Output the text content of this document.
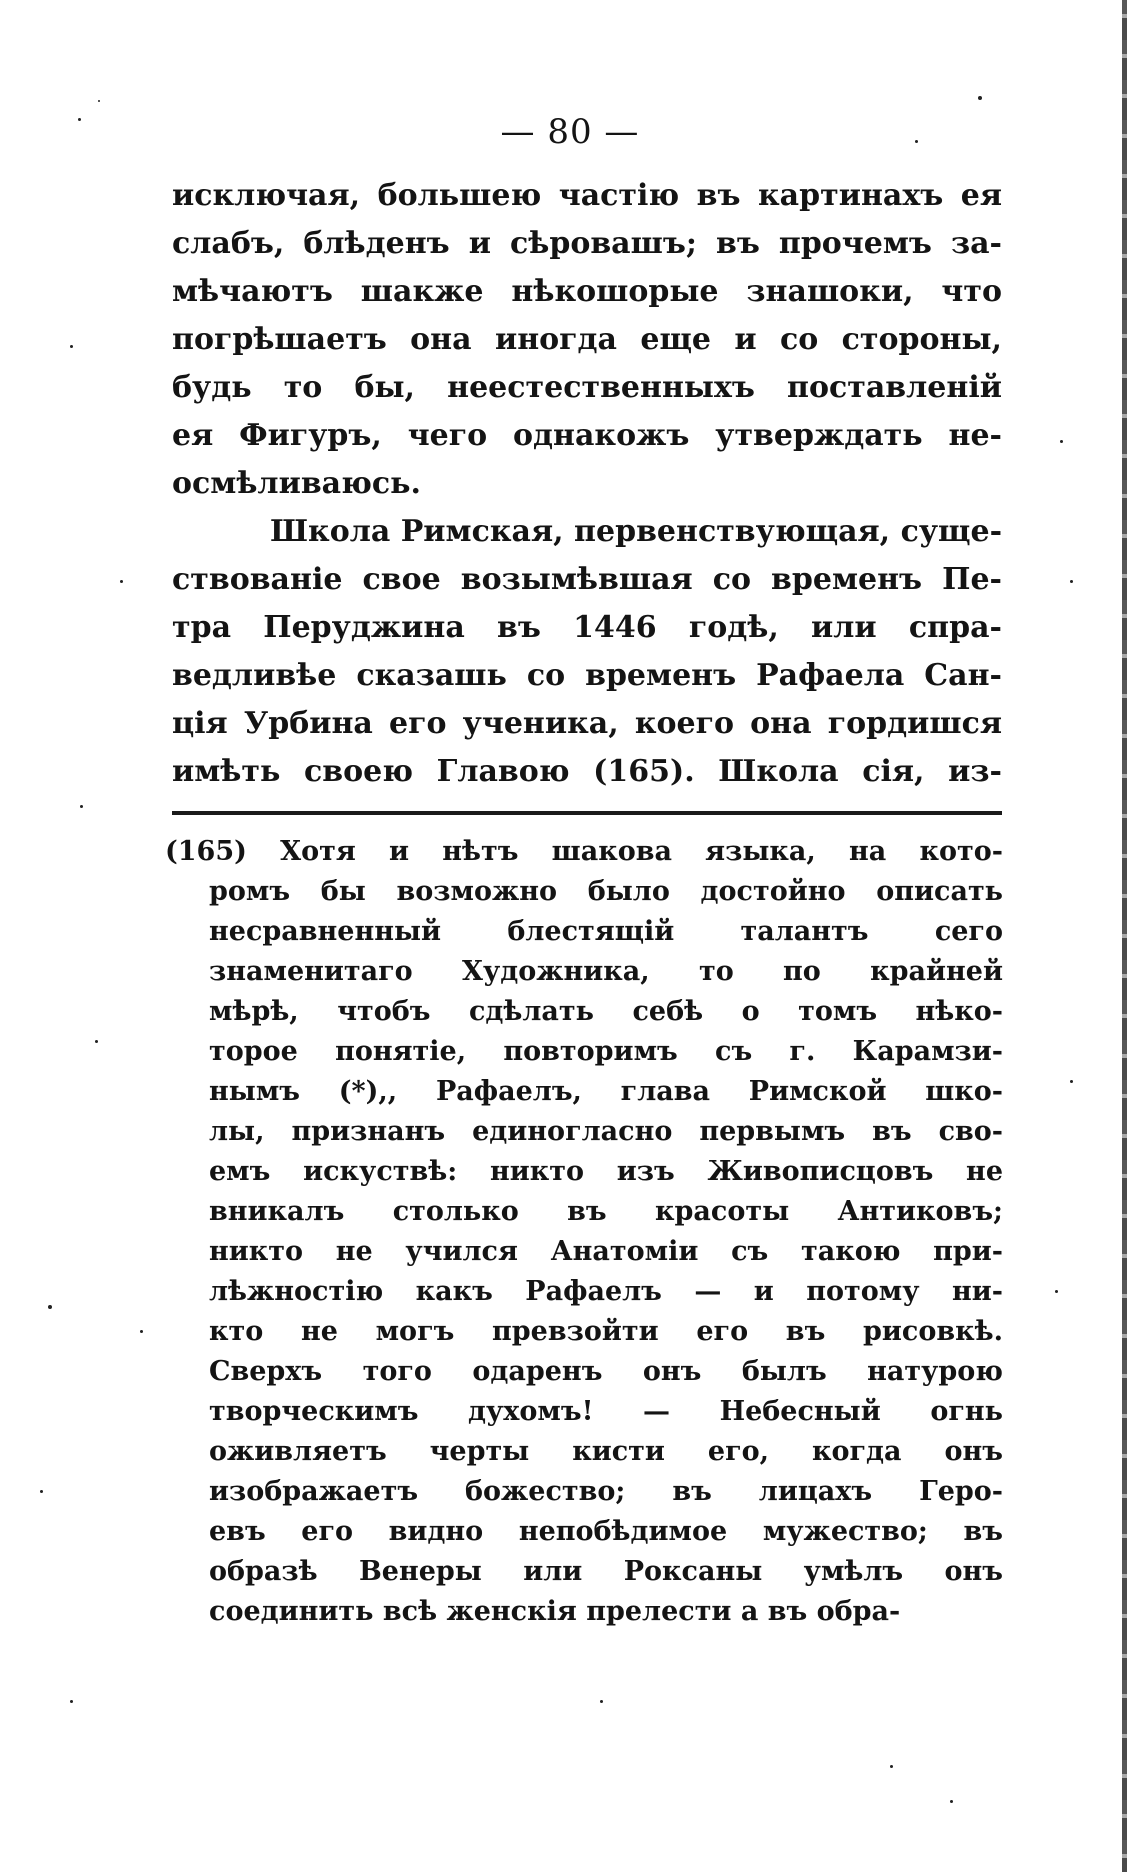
— 80 —
исключая, большею частію въ картинахъ ея
слабъ, блѣденъ и сѣровашъ; въ прочемъ за-
мѣчаютъ шакже нѣкошорые знашоки, что
погрѣшаетъ она иногда еще и со стороны,
будь то бы, неестественныхъ поставленій
ея Фигуръ, чего однакожъ утверждать не-
осмѣливаюсь.
Школа Римская, первенствующая, суще-
ствованіе свое возымѣвшая со временъ Пе-
тра Перуджина въ 1446 годѣ, или спра-
ведливѣе сказашь со временъ Рафаела Сан-
ція Урбина его ученика, коего она гордишся
имѣть своею Главою (165). Школа сія, из-
(165) Хотя и нѣтъ шакова языка, на кото-
ромъ бы возможно было достойно описать
несравненный блестящій талантъ сего
знаменитаго Художника, то по крайней
мѣрѣ, чтобъ сдѣлать себѣ о томъ нѣко-
торое понятіе, повторимъ съ г. Карамзи-
нымъ (*),, Рафаелъ, глава Римской шко-
лы, признанъ единогласно первымъ въ сво-
емъ искуствѣ: никто изъ Живописцовъ не
вникалъ столько въ красоты Антиковъ;
никто не учился Анатоміи съ такою при-
лѣжностію какъ Рафаелъ — и потому ни-
кто не могъ превзойти его въ рисовкѣ.
Сверхъ того одаренъ онъ былъ натурою
творческимъ духомъ! — Небесный огнь
оживляетъ черты кисти его, когда онъ
изображаетъ божество; въ лицахъ Геро-
евъ его видно непобѣдимое мужество; въ
образѣ Венеры или Роксаны умѣлъ онъ
соединить всѣ женскія прелести а въ обра-
